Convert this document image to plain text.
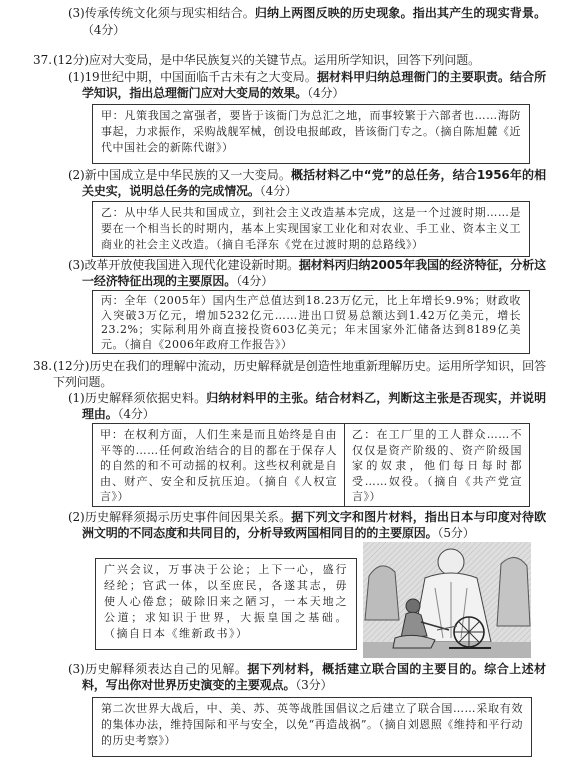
(3)传承传统文化须与现实相结合。归纳上两图反映的历史现象。指出其产生的现实背景。（4分）
37. (12分)应对大变局，是中华民族复兴的关键节点。运用所学知识，回答下列问题。
(1)19世纪中期，中国面临千古未有之大变局。据材料甲归纳总理衙门的主要职责。结合所学知识，指出总理衙门应对大变局的效果。（4分）
甲：凡策我国之富强者，要皆于该衙门为总汇之地，而事较繁于六部者也……海防事起，力求振作，采购战舰军械，创设电报邮政，皆该衙门专之。（摘自陈旭麓《近代中国社会的新陈代谢》）
(2)新中国成立是中华民族的又一大变局。概括材料乙中“党”的总任务，结合1956年的相关史实，说明总任务的完成情况。（4分）
乙：从中华人民共和国成立，到社会主义改造基本完成，这是一个过渡时期……是要在一个相当长的时期内，基本上实现国家工业化和对农业、手工业、资本主义工商业的社会主义改造。（摘自毛泽东《党在过渡时期的总路线》）
(3)改革开放使我国进入现代化建设新时期。据材料丙归纳2005年我国的经济特征，分析这一经济特征出现的主要原因。（4分）
丙：全年（2005年）国内生产总值达到18.23万亿元，比上年增长9.9%；财政收入突破3万亿元，增加5232亿元……进出口贸易总额达到1.42万亿美元，增长23.2%；实际利用外商直接投资603亿美元；年末国家外汇储备达到8189亿美元。（摘自《2006年政府工作报告》）
38. (12分)历史在我们的理解中流动，历史解释就是创造性地重新理解历史。运用所学知识，回答下列问题。
(1)历史解释须依据史料。归纳材料甲的主张。结合材料乙，判断这主张是否现实，并说明理由。（4分）
甲：在权利方面，人们生来是而且始终是自由平等的……任何政治结合的目的都在于保存人的自然的和不可动摇的权利。这些权利就是自由、财产、安全和反抗压迫。（摘自《人权宣言》）
乙：在工厂里的工人群众……不仅仅是资产阶级的、资产阶级国家的奴隶，他们每日每时都受……奴役。（摘自《共产党宣言》）
(2)历史解释须揭示历史事件间因果关系。据下列文字和图片材料，指出日本与印度对待欧洲文明的不同态度和共同目的，分析导致两国相同目的的主要原因。（5分）
广兴会议，万事决于公论；上下一心，盛行经纶；官武一体，以至庶民，各遂其志，毋使人心倦怠；破除旧来之陋习，一本天地之公道；求知识于世界，大振皇国之基础。（摘自日本《维新政书》）
(3)历史解释须表达自己的见解。据下列材料，概括建立联合国的主要目的。综合上述材料，写出你对世界历史演变的主要观点。（3分）
第二次世界大战后，中、美、苏、英等战胜国倡议之后建立了联合国……采取有效的集体办法，维持国际和平与安全，以免“再造战祸”。（摘自刘恩照《维持和平行动的历史考察》）
